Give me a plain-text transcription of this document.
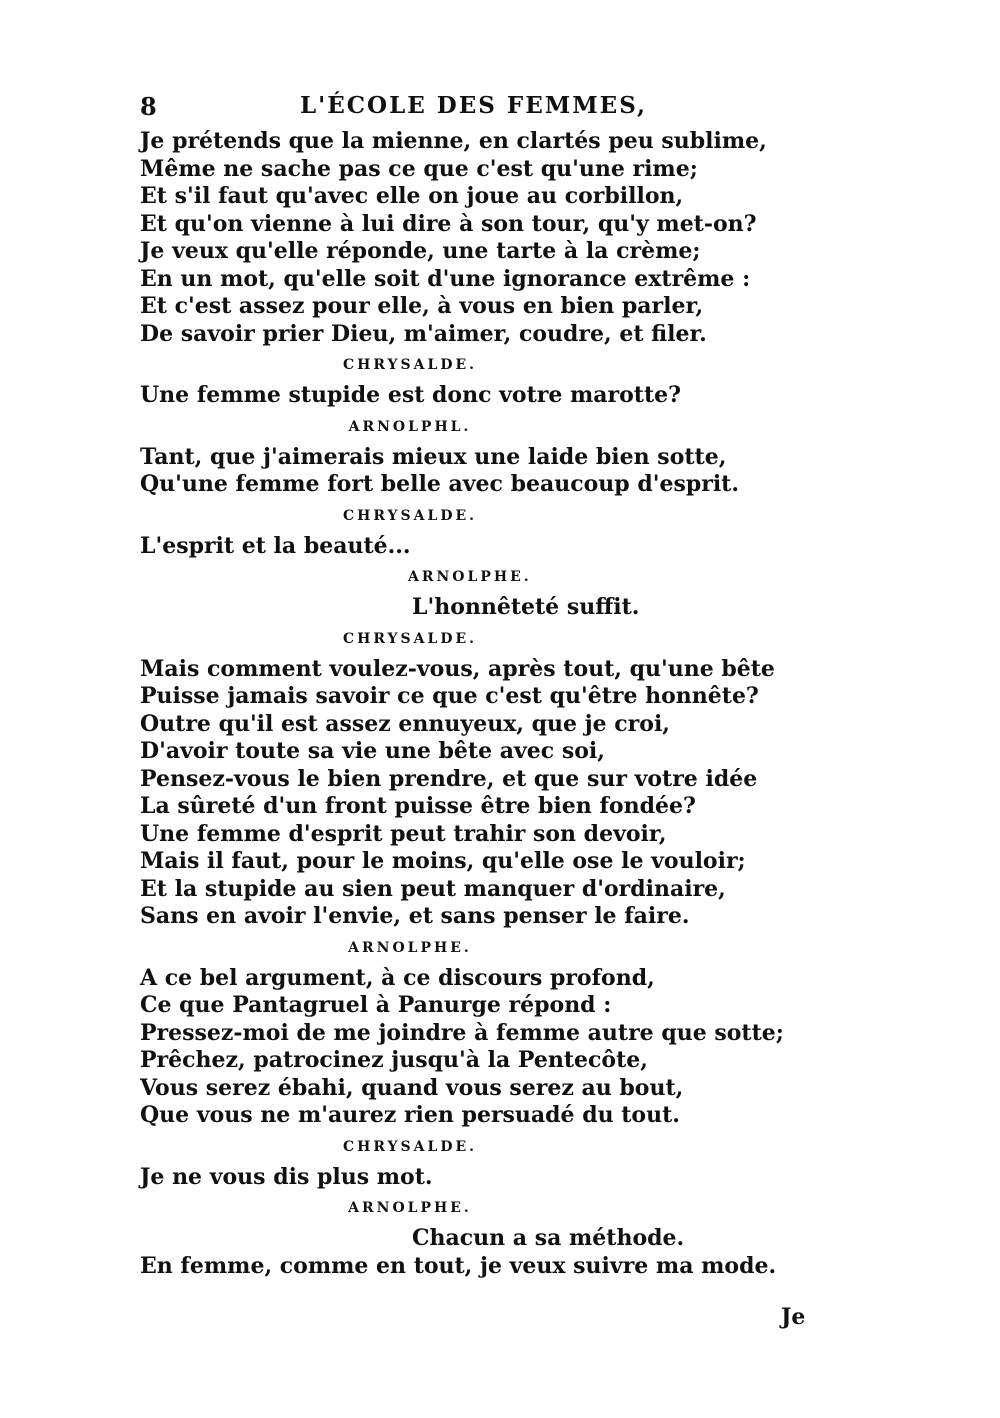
8	L'ÉCOLE DES FEMMES,
Je prétends que la mienne, en clartés peu sublime,
Même ne sache pas ce que c'est qu'une rime;
Et s'il faut qu'avec elle on joue au corbillon,
Et qu'on vienne à lui dire à son tour, qu'y met-on?
Je veux qu'elle réponde, une tarte à la crème;
En un mot, qu'elle soit d'une ignorance extrême :
Et c'est assez pour elle, à vous en bien parler,
De savoir prier Dieu, m'aimer, coudre, et filer.
CHRYSALDE.
Une femme stupide est donc votre marotte?
ARNOLPHL.
Tant, que j'aimerais mieux une laide bien sotte,
Qu'une femme fort belle avec beaucoup d'esprit.
CHRYSALDE.
L'esprit et la beauté...
ARNOLPHE.
L'honnêteté suffit.
CHRYSALDE.
Mais comment voulez-vous, après tout, qu'une bête
Puisse jamais savoir ce que c'est qu'être honnête?
Outre qu'il est assez ennuyeux, que je croi,
D'avoir toute sa vie une bête avec soi,
Pensez-vous le bien prendre, et que sur votre idée
La sûreté d'un front puisse être bien fondée?
Une femme d'esprit peut trahir son devoir,
Mais il faut, pour le moins, qu'elle ose le vouloir;
Et la stupide au sien peut manquer d'ordinaire,
Sans en avoir l'envie, et sans penser le faire.
ARNOLPHE.
A ce bel argument, à ce discours profond,
Ce que Pantagruel à Panurge répond :
Pressez-moi de me joindre à femme autre que sotte;
Prêchez, patrocinez jusqu'à la Pentecôte,
Vous serez ébahi, quand vous serez au bout,
Que vous ne m'aurez rien persuadé du tout.
CHRYSALDE.
Je ne vous dis plus mot.
ARNOLPHE.
Chacun a sa méthode.
En femme, comme en tout, je veux suivre ma mode.
Je
